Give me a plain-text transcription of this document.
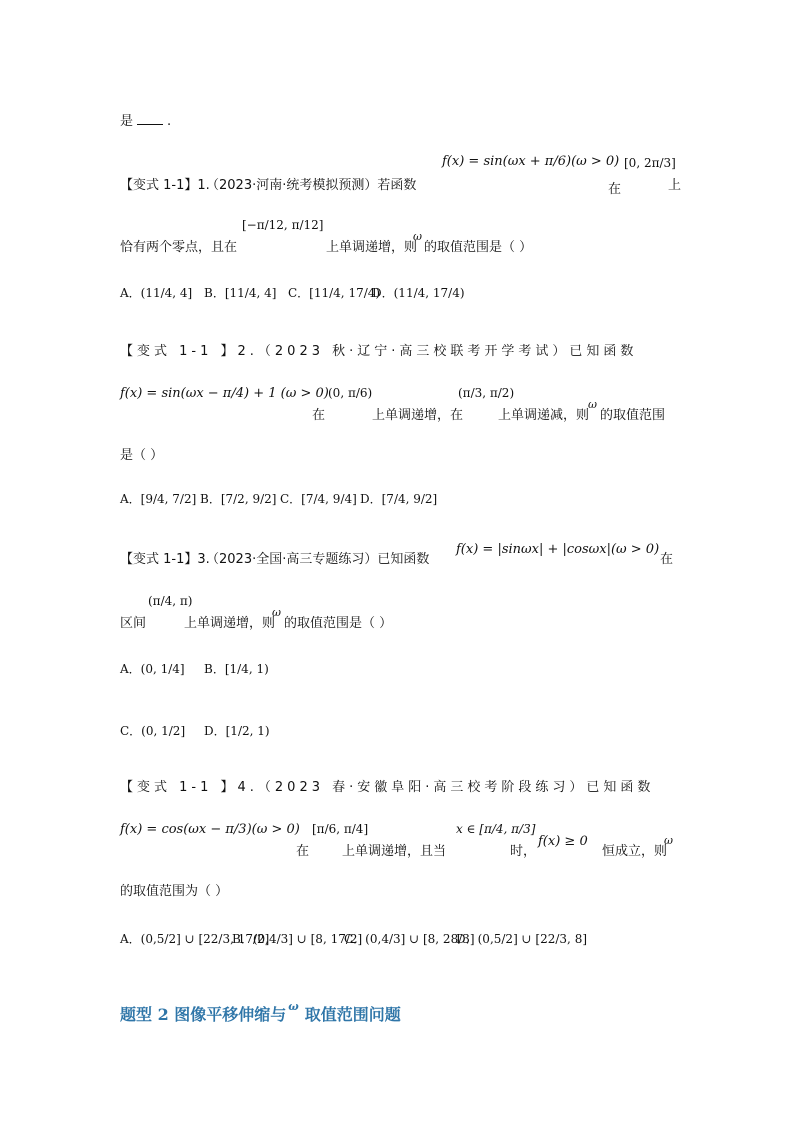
是	.
【变式 1-1】1.
（2023·河南·统考模拟预测）若函数
f(x) = sin(ωx + π/6)(ω > 0)
在
[0, 2π/3]
上
恰有两个零点，且在
[−π/12, π/12]
上单调递增，则
ω
的取值范围是（ ）
A．(11/4, 4] B．[11/4, 4] C．[11/4, 17/4)
D．(11/4, 17/4)
【变式 1-1 】2.（2023 秋·辽宁·高三校联考开学考试）已知函数
f(x) = sin(ωx − π/4) + 1 (ω > 0)
在
(0, π/6)
上单调递增，在
(π/3, π/2)
上单调递减，则
ω
的取值范围
是（ ）
A．[9/4, 7/2] B．[7/2, 9/2] C．[7/4, 9/4] D．[7/4, 9/2]
【变式 1-1】3.
（2023·全国·高三专题练习）已知函数
f(x) = |sinωx| + |cosωx|(ω > 0)
在
区间
(π/4, π)
上单调递增，则
ω
的取值范围是（ ）
A．(0, 1/4] B．[1/4, 1)
C．(0, 1/2] D．[1/2, 1)
【变式 1-1 】4.（2023 春·安徽阜阳·高三校考阶段练习）已知函数
f(x) = cos(ωx − π/3)(ω > 0)
在
[π/6, π/4]
上单调递增，且当
x ∈ [π/4, π/3]
时，
f(x) ≥ 0
恒成立，则
ω
的取值范围为（ ）
A．(0,5/2] ∪ [22/3, 17/2]
B．(0,4/3] ∪ [8, 17/2]
C．(0,4/3] ∪ [8, 28/3]
D．(0,5/2] ∪ [22/3, 8]
题型 2 图像平移伸缩与 $^\omega$ 取值范围问题
